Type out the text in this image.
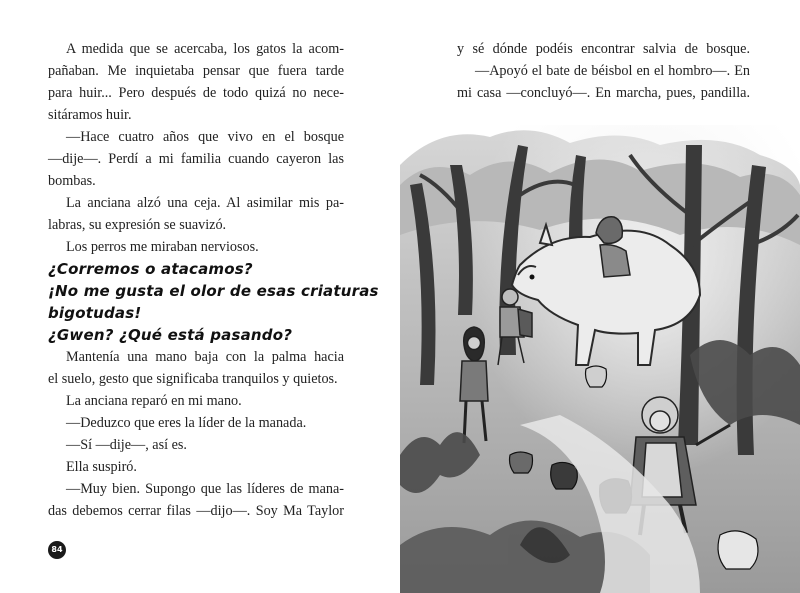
A medida que se acercaba, los gatos la acom-
pañaban. Me inquietaba pensar que fuera tarde
para huir... Pero después de todo quizá no nece-
sitáramos huir.
—Hace cuatro años que vivo en el bosque
—dije—. Perdí a mi familia cuando cayeron las
bombas.
La anciana alzó una ceja. Al asimilar mis pa-
labras, su expresión se suavizó.
Los perros me miraban nerviosos.
¿Corremos o atacamos?
¡No me gusta el olor de esas criaturas
bigotudas!
¿Gwen? ¿Qué está pasando?
Mantenía una mano baja con la palma hacia
el suelo, gesto que significaba tranquilos y quietos.
La anciana reparó en mi mano.
—Deduzco que eres la líder de la manada.
—Sí —dije—, así es.
Ella suspiró.
—Muy bien. Supongo que las líderes de mana-
das debemos cerrar filas —dijo—. Soy Ma Taylor
84
y sé dónde podéis encontrar salvia de bosque.
—Apoyó el bate de béisbol en el hombro—. En
mi casa —concluyó—. En marcha, pues, pandilla.
